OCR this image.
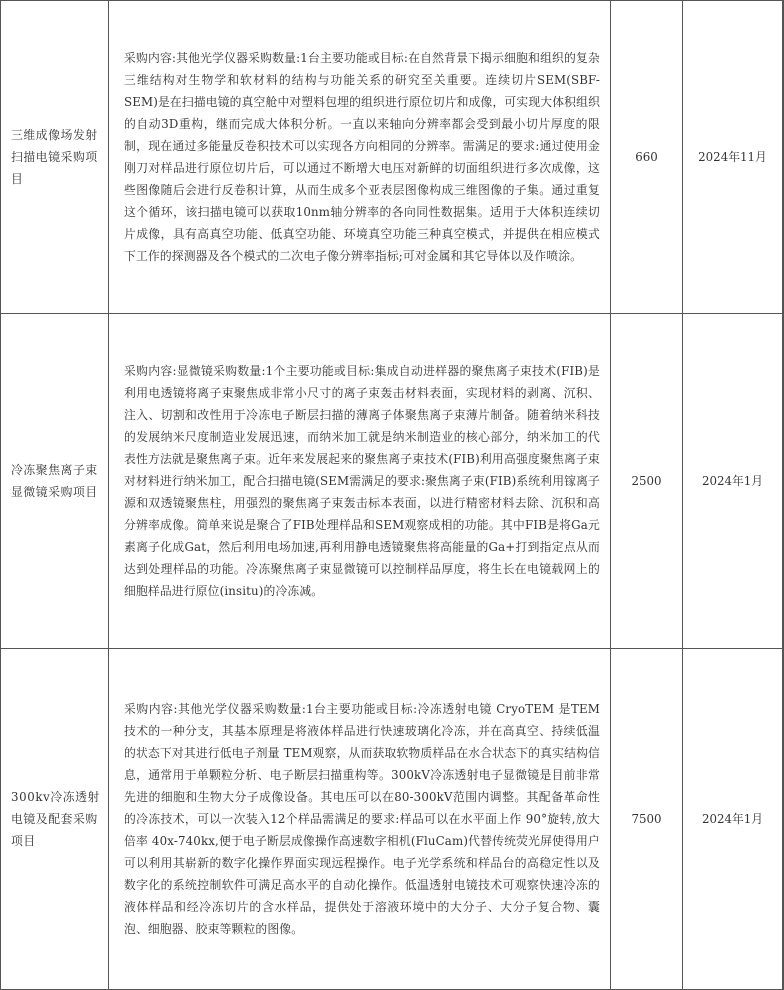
三维成像场发射扫描电镜采购项目	采购内容:其他光学仪器采购数量:1台主要功能或目标:在自然背景下揭示细胞和组织的复杂三维结构对生物学和软材料的结构与功能关系的研究至关重要。连续切片SEM(SBF-SEM)是在扫描电镜的真空舱中对塑料包埋的组织进行原位切片和成像，可实现大体积组织的自动3D重构，继而完成大体积分析。一直以来轴向分辨率都会受到最小切片厚度的限制，现在通过多能量反卷积技术可以实现各方向相同的分辨率。需满足的要求:通过使用金刚刀对样品进行原位切片后，可以通过不断增大电压对新鲜的切面组织进行多次成像，这些图像随后会进行反卷积计算，从而生成多个亚表层图像构成三维图像的子集。通过重复这个循环，该扫描电镜可以获取10nm轴分辨率的各向同性数据集。适用于大体积连续切片成像，具有高真空功能、低真空功能、环境真空功能三种真空模式，并提供在相应模式下工作的探测器及各个模式的二次电子像分辨率指标;可对金属和其它导体以及作喷涂。	660	2024年11月	
冷冻聚焦离子束显微镜采购项目	采购内容:显微镜采购数量:1个主要功能或目标:集成自动进样器的聚焦离子束技术(FIB)是利用电透镜将离子束聚焦成非常小尺寸的离子束轰击材料表面，实现材料的剥离、沉积、注入、切割和改性用于冷冻电子断层扫描的薄离子体聚焦离子束薄片制备。随着纳米科技的发展纳米尺度制造业发展迅速，而纳米加工就是纳米制造业的核心部分，纳米加工的代表性方法就是聚焦离子束。近年来发展起来的聚焦离子束技术(FIB)利用高强度聚焦离子束对材料进行纳米加工，配合扫描电镜(SEM需满足的要求:聚焦离子束(FIB)系统利用镓离子源和双透镜聚焦柱，用强烈的聚焦离子束轰击标本表面，以进行精密材料去除、沉积和高分辨率成像。简单来说是聚合了FIB处理样品和SEM观察成相的功能。其中FIB是将Ga元素离子化成Gat，然后利用电场加速,再利用静电透镜聚焦将高能量的Ga+打到指定点从而达到处理样品的功能。冷冻聚焦离子束显微镜可以控制样品厚度，将生长在电镜载网上的细胞样品进行原位(insitu)的冷冻减。	2500	2024年1月	
300kv冷冻透射电镜及配套采购项目	采购内容:其他光学仪器采购数量:1台主要功能或目标:冷冻透射电镜 CryoTEM 是TEM 技术的一种分支，其基本原理是将液体样品进行快速玻璃化冷冻，并在高真空、持续低温的状态下对其进行低电子剂量 TEM观察，从而获取软物质样品在水合状态下的真实结构信息，通常用于单颗粒分析、电子断层扫描重构等。300kV冷冻透射电子显微镜是目前非常先进的细胞和生物大分子成像设备。其电压可以在80-300kV范围内调整。其配备革命性的冷冻技术，可以一次装入12个样品需满足的要求:样品可以在水平面上作 90°旋转,放大倍率 40x-740kx,便于电子断层成像操作高速数字相机(FluCam)代替传统荧光屏使得用户可以利用其崭新的数字化操作界面实现远程操作。电子光学系统和样品台的高稳定性以及数字化的系统控制软件可满足高水平的自动化操作。低温透射电镜技术可观察快速冷冻的液体样品和经冷冻切片的含水样品，提供处于溶液环境中的大分子、大分子复合物、囊泡、细胞器、胶束等颗粒的图像。	7500	2024年1月	
